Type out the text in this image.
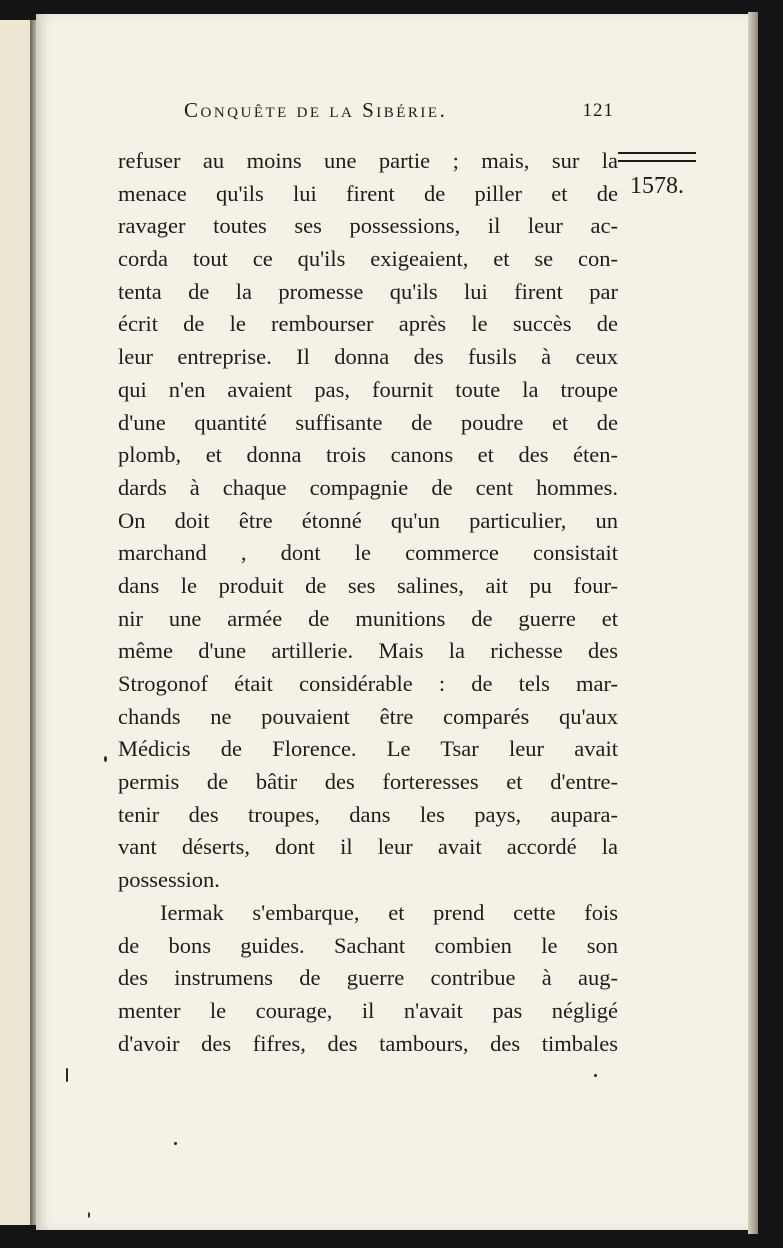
Conquête de la Sibérie.	121
1578.
refuser au moins une partie ; mais, sur la
menace qu'ils lui firent de piller et de
ravager toutes ses possessions, il leur ac-
corda tout ce qu'ils exigeaient, et se con-
tenta de la promesse qu'ils lui firent par
écrit de le rembourser après le succès de
leur entreprise. Il donna des fusils à ceux
qui n'en avaient pas, fournit toute la troupe
d'une quantité suffisante de poudre et de
plomb, et donna trois canons et des éten-
dards à chaque compagnie de cent hommes.
On doit être étonné qu'un particulier, un
marchand , dont le commerce consistait
dans le produit de ses salines, ait pu four-
nir une armée de munitions de guerre et
même d'une artillerie. Mais la richesse des
Strogonof était considérable : de tels mar-
chands ne pouvaient être comparés qu'aux
Médicis de Florence. Le Tsar leur avait
permis de bâtir des forteresses et d'entre-
tenir des troupes, dans les pays, aupara-
vant déserts, dont il leur avait accordé la
possession.
Iermak s'embarque, et prend cette fois
de bons guides. Sachant combien le son
des instrumens de guerre contribue à aug-
menter le courage, il n'avait pas négligé
d'avoir des fifres, des tambours, des timbales
